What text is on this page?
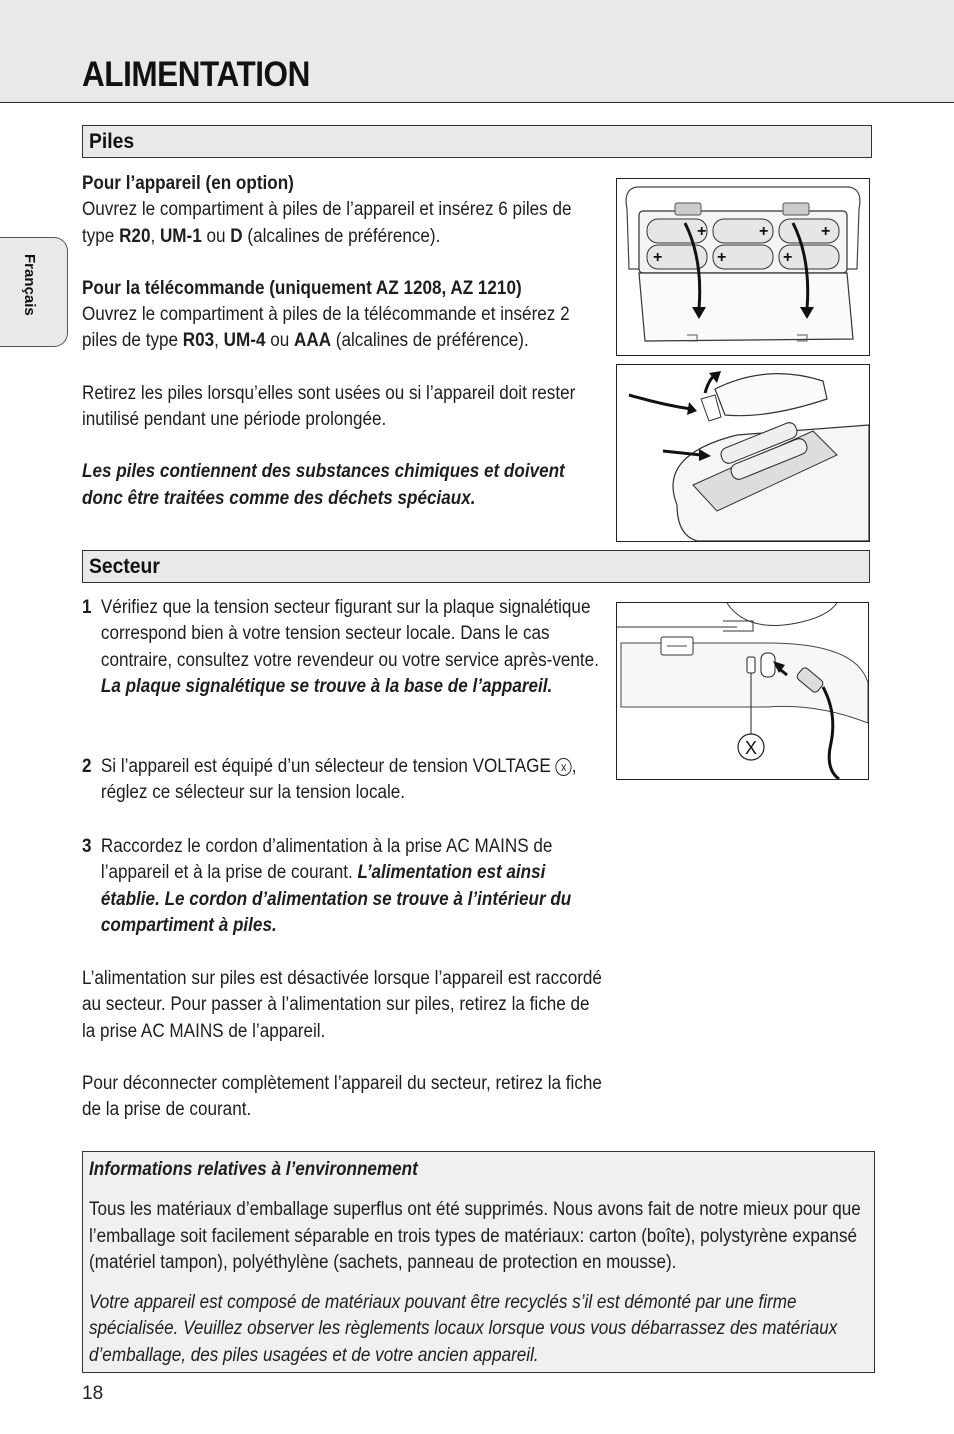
ALIMENTATION
Français
Piles

Pour l’appareil (en option)

Ouvrez le compartiment à piles de l’appareil et insérez 6 piles de type R20, UM-1 ou D (alcalines de préférence).

Pour la télécommande (uniquement AZ 1208, AZ 1210)

Ouvrez le compartiment à piles de la télécommande et insérez 2 piles de type R03, UM-4 ou AAA (alcalines de préférence).

Retirez les piles lorsqu’elles sont usées ou si l’appareil doit rester inutilisé pendant une période prolongée.

Les piles contiennent des substances chimiques et doivent donc être traitées comme des déchets spéciaux.

+	+	+
+	+	+
Secteur
1 Vérifiez que la tension secteur figurant sur la plaque signalétique correspond bien à votre tension secteur locale. Dans le cas contraire, consultez votre revendeur ou votre service après-vente. La plaque signalétique se trouve à la base de l’appareil.
2 Si l’appareil est équipé d’un sélecteur de tension VOLTAGE x , réglez ce sélecteur sur la tension locale.
3 Raccordez le cordon d’alimentation à la prise AC MAINS de l’appareil et à la prise de courant. L’alimentation est ainsi établie. Le cordon d’alimentation se trouve à l’intérieur du compartiment à piles.

L’alimentation sur piles est désactivée lorsque l’appareil est raccordé au secteur. Pour passer à l’alimentation sur piles, retirez la fiche de la prise AC MAINS de l’appareil.

Pour déconnecter complètement l’appareil du secteur, retirez la fiche de la prise de courant.

X

Informations relatives à l’environnement

Tous les matériaux d’emballage superflus ont été supprimés. Nous avons fait de notre mieux pour que l’emballage soit facilement séparable en trois types de matériaux: carton (boîte), polystyrène expansé (matériel tampon), polyéthylène (sachets, panneau de protection en mousse).

Votre appareil est composé de matériaux pouvant être recyclés s’il est démonté par une firme spécialisée. Veuillez observer les règlements locaux lorsque vous vous débarrassez des matériaux d’emballage, des piles usagées et de votre ancien appareil.

18
